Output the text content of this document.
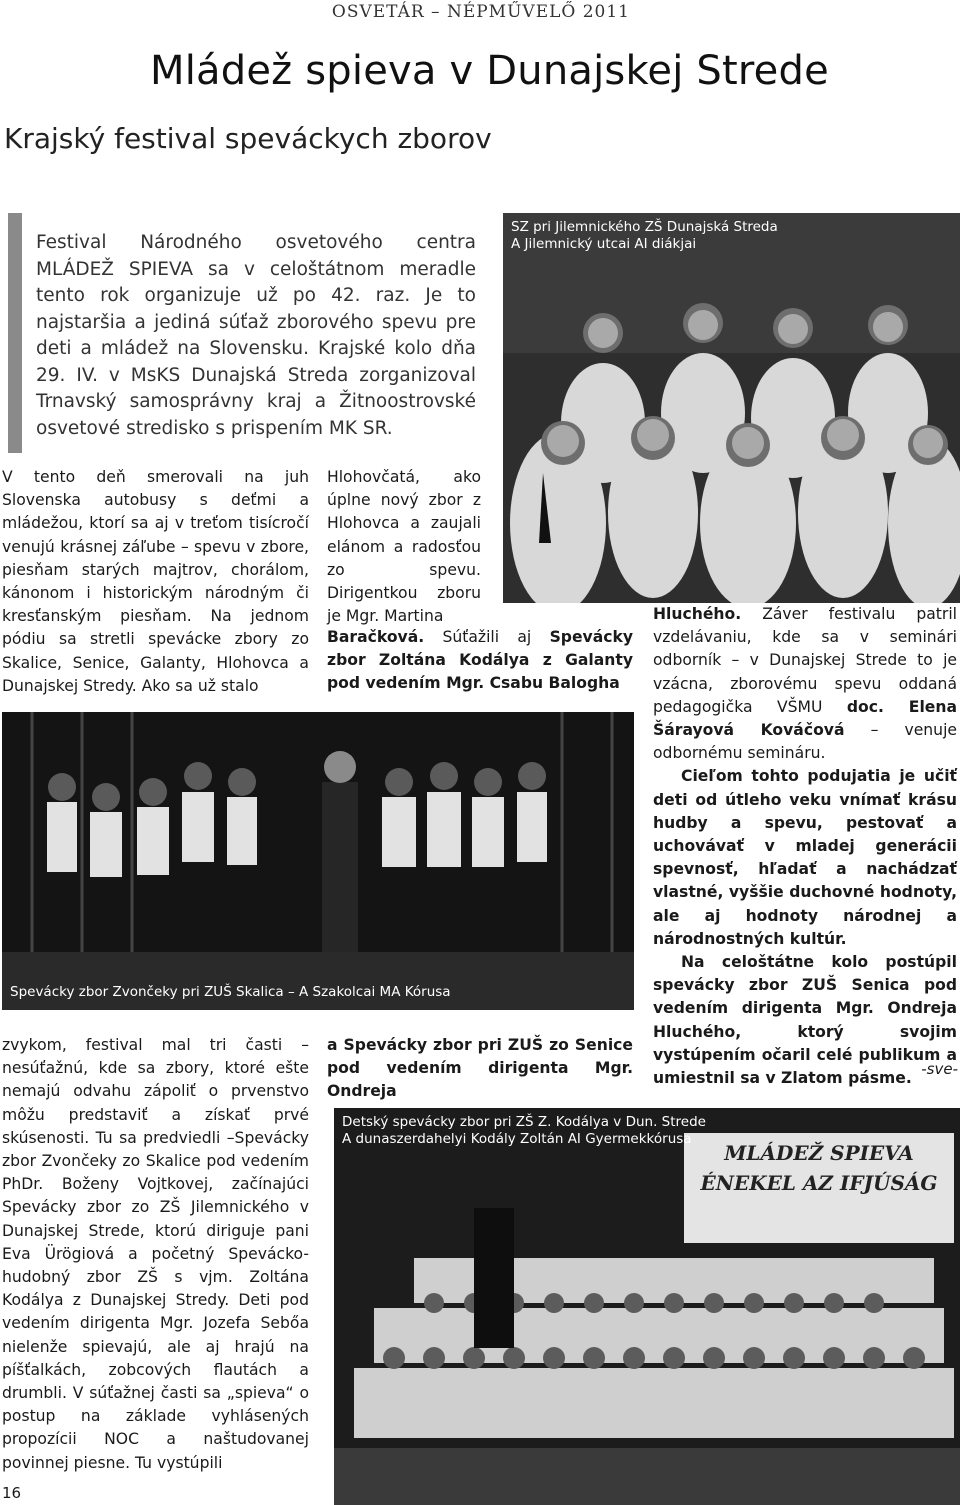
OSVETÁR – NÉPMŰVELŐ 2011
Mládež spieva v Dunajskej Strede
Krajský festival speváckych zborov
Festival Národného osvetového centra MLÁDEŽ SPIEVA sa v celoštátnom meradle tento rok organizuje už po 42. raz. Je to najstaršia a jediná súťaž zborového spevu pre deti a mládež na Slovensku. Krajské kolo dňa 29. IV. v MsKS Dunajská Streda zorganizoval Trnavský samosprávny kraj a Žitnoostrovské osvetové stredisko s prispením MK SR.
SZ pri Jilemnického ZŠ Dunajská Streda
A Jilemnický utcai AI diákjai
V tento deň smerovali na juh Slovenska autobusy s deťmi a mládežou, ktorí sa aj v treťom tisícročí venujú krásnej záľube – spevu v zbore, piesňam starých majtrov, chorálom, kánonom i historickým národným či kresťanským piesňam. Na jednom pódiu sa stretli spevácke zbory zo Skalice, Senice, Galanty, Hlohovca a Dunajskej Stredy. Ako sa už stalo
Hlohovčatá, ako úplne nový zbor z Hlohovca a zaujali elánom a radosťou zo spevu. Dirigentkou zboru je Mgr. Martina
Baračková. Súťažili aj Spevácky zbor Zoltána Kodálya z Galanty pod vedením Mgr. Csabu Balogha
Hluchého. Záver festivalu patril vzdelávaniu, kde sa v seminári odborník – v Dunajskej Strede to je vzácna, zborovému spevu oddaná pedagogička VŠMU doc. Elena Šárayová Kováčová – venuje odbornému semináru.
Cieľom tohto podujatia je učiť deti od útleho veku vnímať krásu hudby a spevu, pestovať a uchovávať v mladej generácii spevnosť, hľadať a nachádzať vlastné, vyššie duchovné hodnoty, ale aj hodnoty národnej a národnostných kultúr.
Na celoštátne kolo postúpil spevácky zbor ZUŠ Senica pod vedením dirigenta Mgr. Ondreja Hluchého, ktorý svojim vystúpením očaril celé publikum a umiestnil sa v Zlatom pásme.
-sve-
Spevácky zbor Zvončeky pri ZUŠ Skalica – A Szakolcai MA Kórusa
zvykom, festival mal tri časti – nesúťažnú, kde sa zbory, ktoré ešte nemajú odvahu zápoliť o prvenstvo môžu predstaviť a získať prvé skúsenosti. Tu sa predviedli –Spevácky zbor Zvončeky zo Skalice pod vedením PhDr. Boženy Vojtkovej, začínajúci Spevácky zbor zo ZŠ Jilemnického v Dunajskej Strede, ktorú diriguje pani Eva Ürögiová a početný Spevácko-hudobný zbor ZŠ s vjm. Zoltána Kodálya z Dunajskej Stredy. Deti pod vedením dirigenta Mgr. Jozefa Sebőa nielenže spievajú, ale aj hrajú na píšťalkách, zobcových flautách a drumbli. V súťažnej časti sa „spieva“ o postup na základe vyhlásených propozícii NOC a naštudovanej povinnej piesne. Tu vystúpili
a Spevácky zbor pri ZUŠ zo Senice pod vedením dirigenta Mgr. Ondreja
Detský spevácky zbor pri ZŠ Z. Kodálya v Dun. Strede
A dunaszerdahelyi Kodály Zoltán AI Gyermekkórusa
MLÁDEŽ SPIEVA
ÉNEKEL AZ IFJÚSÁG
16
